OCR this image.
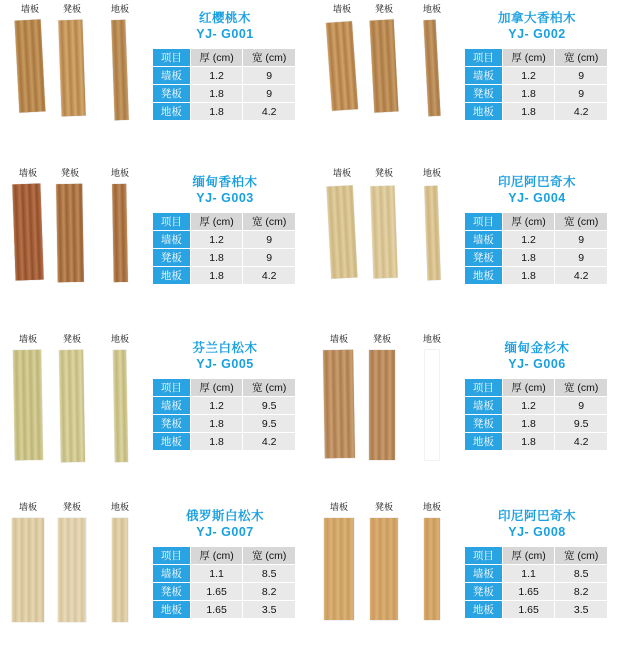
墙板	凳板	地板
红樱桃木
YJ- G001
项目	厚 (cm)	宽 (cm)
墙板	1.2	9
凳板	1.8	9
地板	1.8	4.2
墙板	凳板	地板
加拿大香柏木
YJ- G002
项目	厚 (cm)	宽 (cm)
墙板	1.2	9
凳板	1.8	9
地板	1.8	4.2
墙板	凳板	地板
缅甸香柏木
YJ- G003
项目	厚 (cm)	宽 (cm)
墙板	1.2	9
凳板	1.8	9
地板	1.8	4.2
墙板	凳板	地板
印尼阿巴奇木
YJ- G004
项目	厚 (cm)	宽 (cm)
墙板	1.2	9
凳板	1.8	9
地板	1.8	4.2
墙板	凳板	地板
芬兰白松木
YJ- G005
项目	厚 (cm)	宽 (cm)
墙板	1.2	9.5
凳板	1.8	9.5
地板	1.8	4.2
墙板	凳板	地板
缅甸金杉木
YJ- G006
项目	厚 (cm)	宽 (cm)
墙板	1.2	9
凳板	1.8	9.5
地板	1.8	4.2
墙板	凳板	地板
俄罗斯白松木
YJ- G007
项目	厚 (cm)	宽 (cm)
墙板	1.1	8.5
凳板	1.65	8.2
地板	1.65	3.5
墙板	凳板	地板
印尼阿巴奇木
YJ- G008
项目	厚 (cm)	宽 (cm)
墙板	1.1	8.5
凳板	1.65	8.2
地板	1.65	3.5
